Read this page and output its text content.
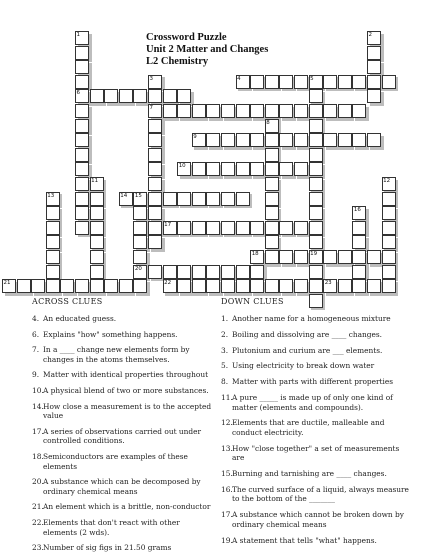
1
6
2
3
7
4	5
19
8
9
10
11	12
13	14 15
20
16
17
18
21	22	23
Crossword Puzzle
Unit 2 Matter and Changes
L2 Chemistry
ACROSS CLUES
4. An educated guess.
6. Explains "how" something happens.
7. In a ____ change new elements form by changes in the atoms themselves.
9. Matter with identical properties throughout
10. A physical blend of two or more substances.
14. How close a measurement is to the accepted value
17. A series of observations carried out under controlled conditions.
18. Semiconductors are examples of these elements
20. A substance which can be decomposed by ordinary chemical means
21. An element which is a brittle, non-conductor
22. Elements that don't react with other elements (2 wds).
23. Number of sig figs in 21.50 grams
DOWN CLUES
1. Another name for a homogeneous mixture
2. Boiling and dissolving are ____ changes.
3. Plutonium and curium are ___ elements.
5. Using electricity to break down water
8. Matter with parts with different properties
11. A pure _____ is made up of only one kind of matter (elements and compounds).
12. Elements that are ductile, malleable and conduct electricity.
13. How "close together" a set of measurements are
15. Burning and tarnishing are ____ changes.
16. The curved surface of a liquid, always measure to the bottom of the _______
17. A substance which cannot be broken down by ordinary chemical means
19. A statement that tells "what" happens.
